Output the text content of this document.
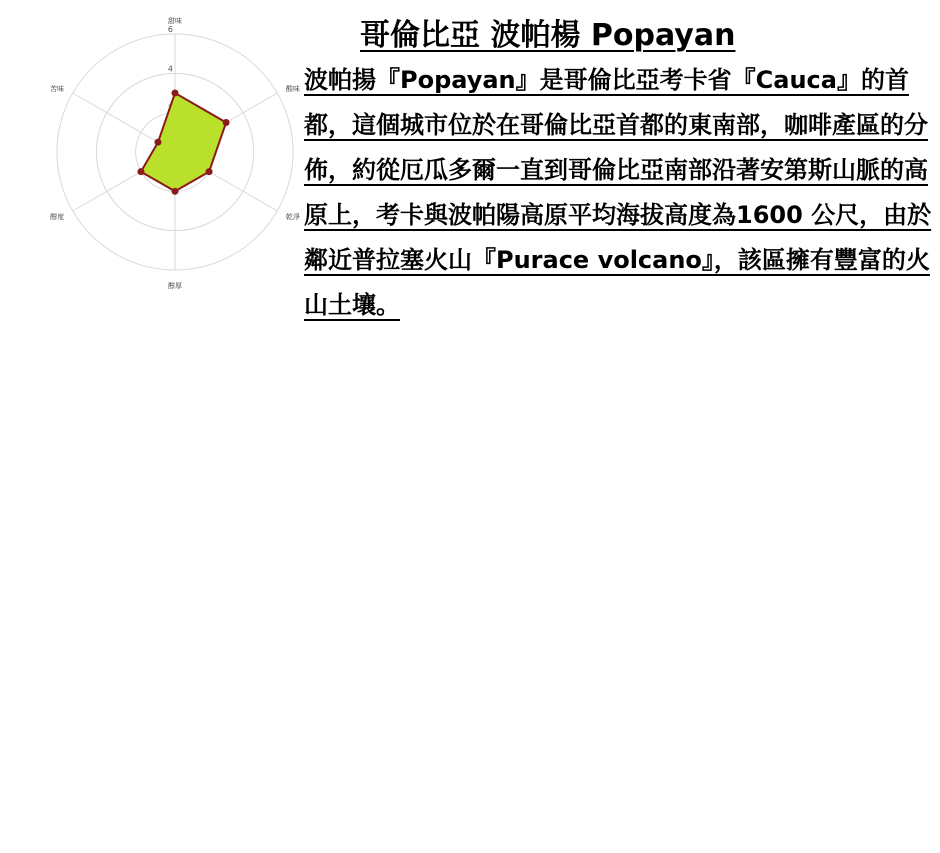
4
6
甜味
酸味
乾淨
醇厚
醇度
苦味
哥倫比亞 波帕楊 Popayan

波帕揚『Popayan』是哥倫比亞考卡省『Cauca』的首都，這個城市位於在哥倫比亞首都的東南部，咖啡產區的分佈，約從厄瓜多爾一直到哥倫比亞南部沿著安第斯山脈的高原上，考卡與波帕陽高原平均海拔高度為1600 公尺，由於鄰近普拉塞火山『Purace volcano』，該區擁有豐富的火山土壤。
